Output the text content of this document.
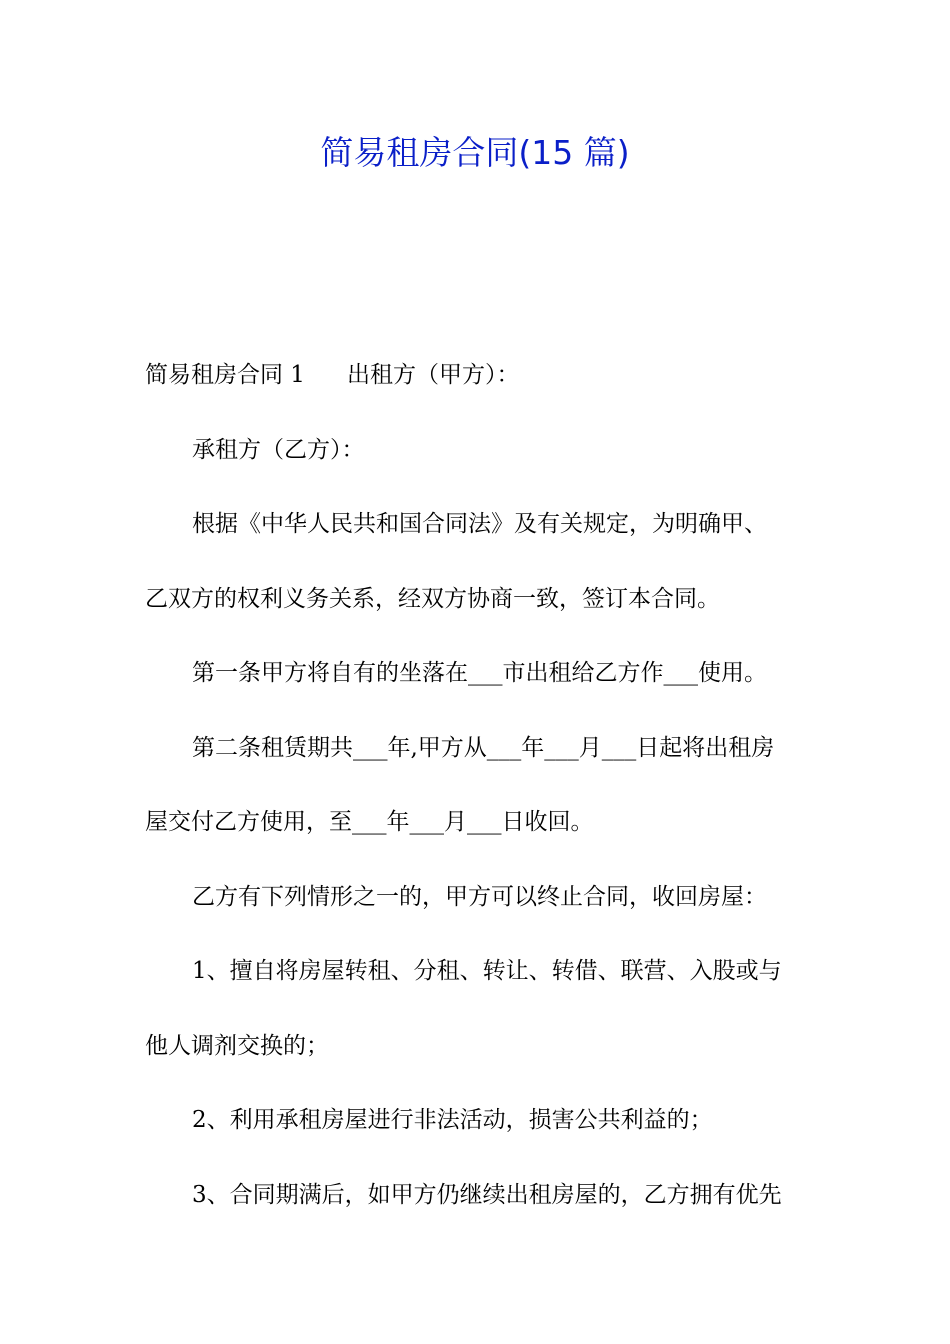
简易租房合同(15 篇)
简易租房合同 1 出租方（甲方）：
承租方（乙方）：
根据《中华人民共和国合同法》及有关规定，为明确甲、
乙双方的权利义务关系，经双方协商一致，签订本合同。
第一条甲方将自有的坐落在___市出租给乙方作___使用。
第二条租赁期共___年,甲方从___年___月___日起将出租房
屋交付乙方使用，至___年___月___日收回。
乙方有下列情形之一的，甲方可以终止合同，收回房屋：
1、擅自将房屋转租、分租、转让、转借、联营、入股或与
他人调剂交换的；
2、利用承租房屋进行非法活动，损害公共利益的；
3、合同期满后，如甲方仍继续出租房屋的，乙方拥有优先
